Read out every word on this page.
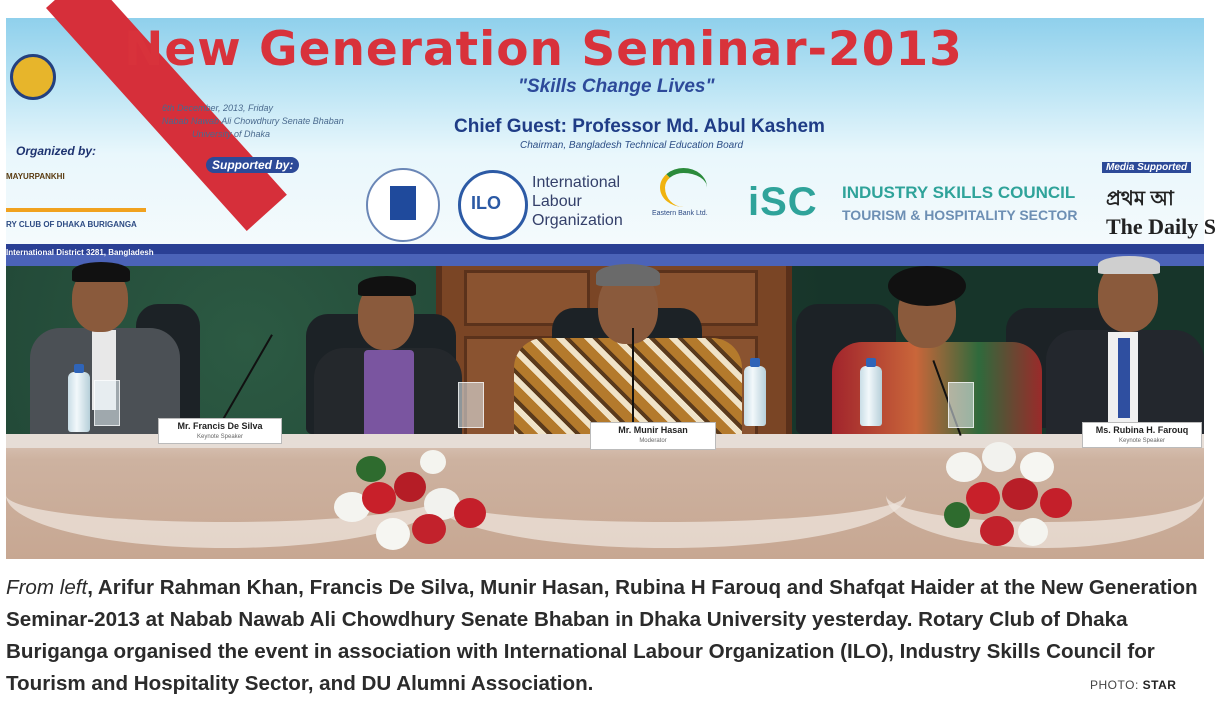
New Generation Seminar-2013
"Skills Change Lives"
6th December, 2013, Friday
Nabab Nawab Ali Chowdhury Senate Bhaban
University of Dhaka	Chief Guest: Professor Md. Abul Kashem
Chairman, Bangladesh Technical Education Board
Organized by:
MAYURPANKHI
RY CLUB OF DHAKA BURIGANGA
Supported by:
ILO
International
Labour
Organization	Eastern Bank Ltd. iSC INDUSTRY SKILLS COUNCIL
TOURISM & HOSPITALITY SECTOR
Media Supported
প্রথম আ
The Daily S
International District 3281, Bangladesh
Mr. Francis De Silva
Keynote Speaker
Mr. Munir Hasan
Moderator
Ms. Rubina H. Farouq
Keynote Speaker
From left, Arifur Rahman Khan, Francis De Silva, Munir Hasan, Rubina H Farouq and Shafqat Haider at the New Generation Seminar-2013 at Nabab Nawab Ali Chowdhury Senate Bhaban in Dhaka University yesterday. Rotary Club of Dhaka Buriganga organised the event in association with International Labour Organization (ILO), Industry Skills Council for Tourism and Hospitality Sector, and DU Alumni Association.	PHOTO: STAR
